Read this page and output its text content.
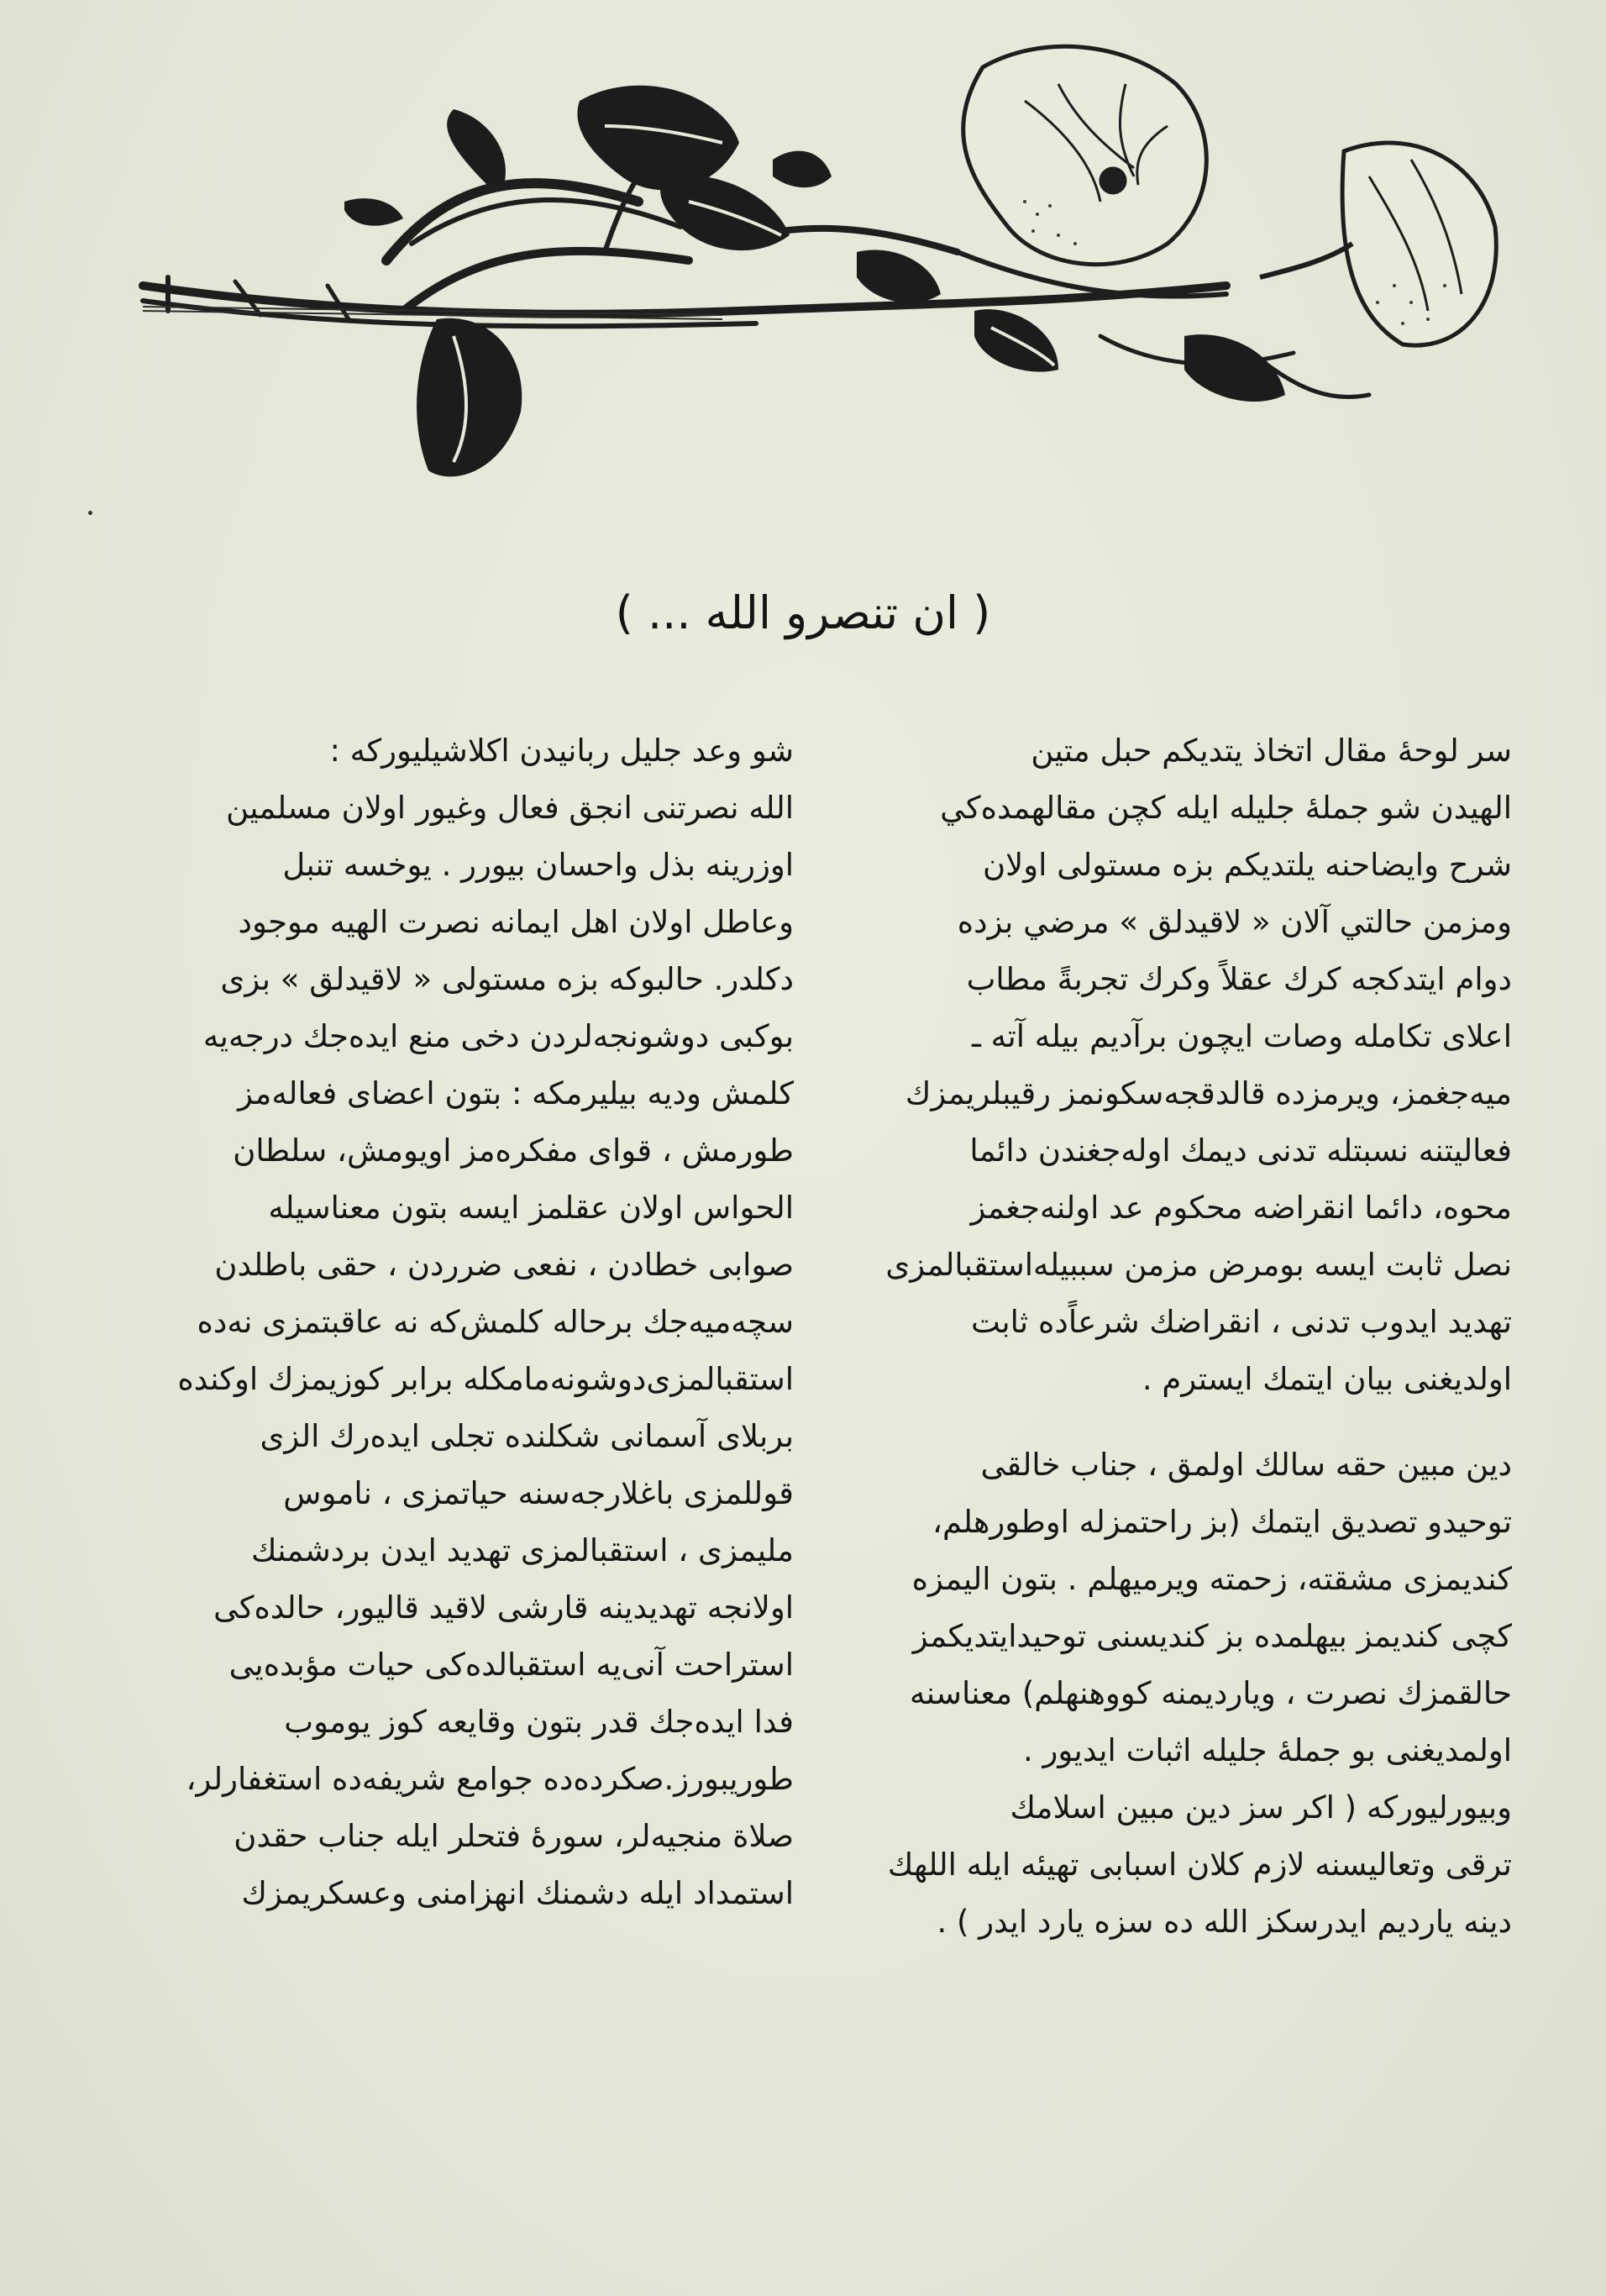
( ان تنصرو الله ... )
سر لوحهٔ مقال اتخاذ يتديكم حبل متين
الهيدن شو جملهٔ جليله ايله كچن مقالهمده‌كي
شرح وايضاحنه يلتديكم بزه مستولى اولان
ومزمن حالتي آلان « لاقيدلق » مرضي بزده
دوام ايتدكجه كرك عقلاً وكرك تجربةً مطاب
اعلاى تكامله وصات ايچون برآديم بيله آته ـ
ميه‌جغمز، ويرمزده قالدقجه‌سكونمز رقيبلريمزك
فعاليتنه نسبتله تدنى ديمك اوله‌جغندن دائما
محوه، دائما انقراضه محكوم عد اولنه‌جغمز
نصل ثابت ايسه بومرض مزمن سببيله‌استقبالمزى
تهديد ايدوب تدنى ، انقراضك شرعاًده ثابت
اولديغنى بيان ايتمك ايسترم .
دين مبين حقه سالك اولمق ، جناب خالقى
توحيدو تصديق ايتمك (بز راحتمزله اوطورهلم،
كنديمزى مشقته، زحمته ويرميهلم . بتون اليمزه
كچى كنديمز بيهلمده بز كنديسنى توحيدايتديكمز
حالقمزك نصرت ، ويارديمنه كووهنهلم) معناسنه
اولمديغنى بو جملهٔ جليله اثبات ايديور .
وبيورليوركه ( اكر سز دين مبين اسلامك
ترقى وتعاليسنه لازم كلان اسبابى تهيئه ايله اللهك
دينه يارديم ايدرسكز الله ده سزه يارد ايدر ) .
شو وعد جليل ربانيدن اكلاشيليوركه :
الله نصرتنى انجق فعال وغيور اولان مسلمين
اوزرينه بذل واحسان بيورر . يوخسه تنبل
وعاطل اولان اهل ايمانه نصرت الهيه موجود
دكلدر. حالبوكه بزه مستولى « لاقيدلق » بزى
بوكبى دوشونجه‌لردن دخى منع ايده‌جك درجه‌يه
كلمش وديه بيليرمكه : بتون اعضاى فعاله‌مز
طورمش ، قواى مفكره‌مز اويومش، سلطان
الحواس اولان عقلمز ايسه بتون معناسيله
صوابى خطادن ، نفعى ضرردن ، حقى باطلدن
سچه‌ميه‌جك برحاله كلمش‌كه نه عاقبتمزى نه‌ده
استقبالمزى‌دوشونه‌مامكله برابر كوزيمزك اوكنده
بربلاى آسمانى شكلنده تجلى ايده‌رك الزى
قوللمزى باغلارجه‌سنه حياتمزى ، ناموس
مليمزى ، استقبالمزى تهديد ايدن بردشمنك
اولانجه تهديدينه قارشى لاقيد قاليور، حالده‌كى
استراحت آنى‌يه استقبالده‌كى حيات مؤبده‌يى
فدا ايده‌جك قدر بتون وقايعه كوز يوموب
طوريبورز.صكرده‌ده جوامع شريفه‌ده استغفارلر،
صلاة منجيه‌لر، سورهٔ فتحلر ايله جناب حقدن
استمداد ايله دشمنك انهزامنى وعسكريمزك
